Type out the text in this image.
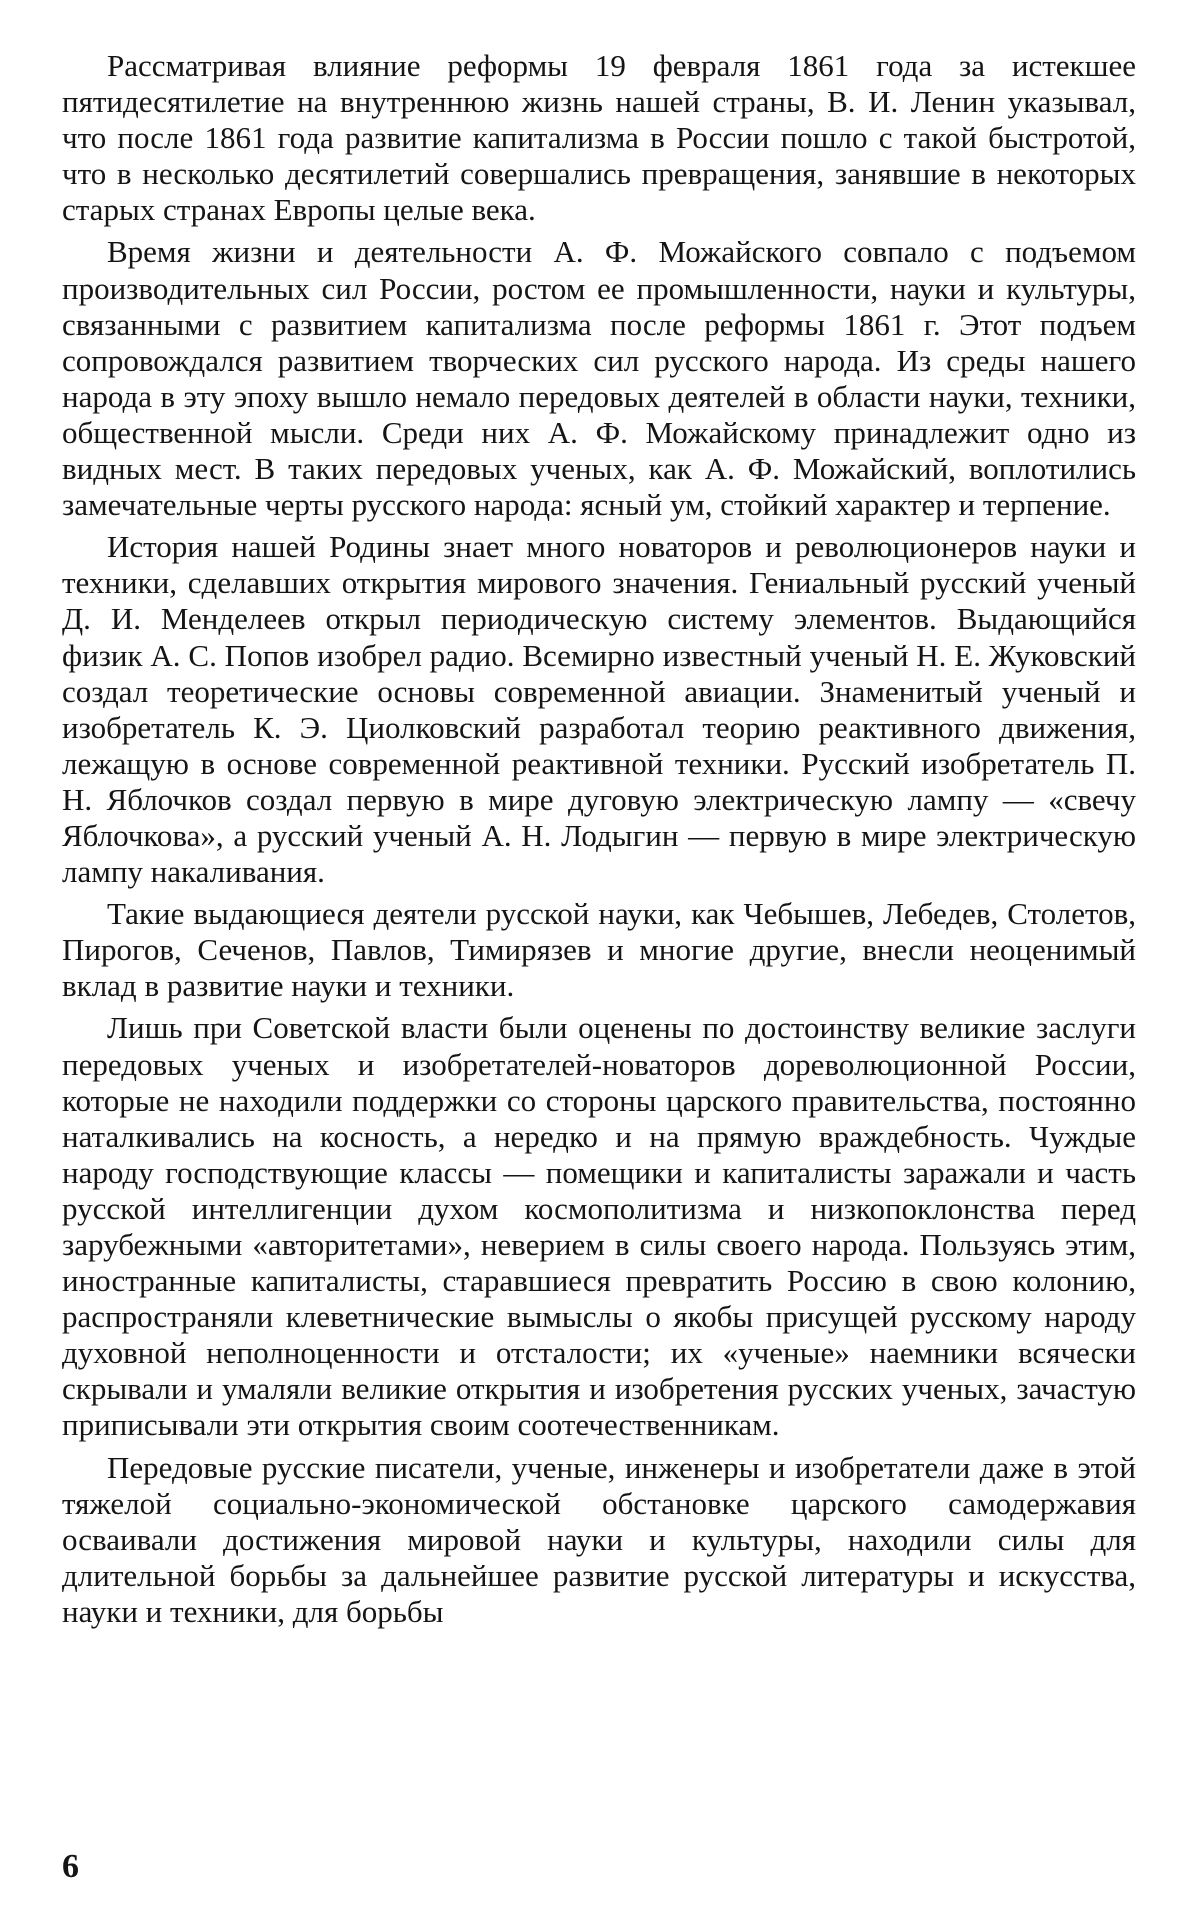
Рассматривая влияние реформы 19 февраля 1861 года за истекшее пятидесятилетие на внутреннюю жизнь нашей страны, В. И. Ленин указывал, что после 1861 года развитие капитализма в России пошло с такой быстротой, что в несколько десятилетий совершались превращения, занявшие в некоторых старых странах Европы целые века.

Время жизни и деятельности А. Ф. Можайского совпало с подъемом производительных сил России, ростом ее промышленности, науки и культуры, связанными с развитием капитализма после реформы 1861 г. Этот подъем сопровождался развитием творческих сил русского народа. Из среды нашего народа в эту эпоху вышло немало передовых деятелей в области науки, техники, общественной мысли. Среди них А. Ф. Можайскому принадлежит одно из видных мест. В таких передовых ученых, как А. Ф. Можайский, воплотились замечательные черты русского народа: ясный ум, стойкий характер и терпение.

История нашей Родины знает много новаторов и революционеров науки и техники, сделавших открытия мирового значения. Гениальный русский ученый Д. И. Менделеев открыл периодическую систему элементов. Выдающийся физик А. С. Попов изобрел радио. Всемирно известный ученый Н. Е. Жуковский создал теоретические основы современной авиации. Знаменитый ученый и изобретатель К. Э. Циолковский разработал теорию реактивного движения, лежащую в основе современной реактивной техники. Русский изобретатель П. Н. Яблочков создал первую в мире дуговую электрическую лампу — «свечу Яблочкова», а русский ученый А. Н. Лодыгин — первую в мире электрическую лампу накаливания.

Такие выдающиеся деятели русской науки, как Чебышев, Лебедев, Столетов, Пирогов, Сеченов, Павлов, Тимирязев и многие другие, внесли неоценимый вклад в развитие науки и техники.

Лишь при Советской власти были оценены по достоинству великие заслуги передовых ученых и изобретателей-новаторов дореволюционной России, которые не находили поддержки со стороны царского правительства, постоянно наталкивались на косность, а нередко и на прямую враждебность. Чуждые народу господствующие классы — помещики и капиталисты заражали и часть русской интеллигенции духом космополитизма и низкопоклонства перед зарубежными «авторитетами», неверием в силы своего народа. Пользуясь этим, иностранные капиталисты, старавшиеся превратить Россию в свою колонию, распространяли клеветнические вымыслы о якобы присущей русскому народу духовной неполноценности и отсталости; их «ученые» наемники всячески скрывали и умаляли великие открытия и изобретения русских ученых, зачастую приписывали эти открытия своим соотечественникам.

Передовые русские писатели, ученые, инженеры и изобретатели даже в этой тяжелой социально-экономической обстановке царского самодержавия осваивали достижения мировой науки и культуры, находили силы для длительной борьбы за дальнейшее развитие русской литературы и искусства, науки и техники, для борьбы

6
